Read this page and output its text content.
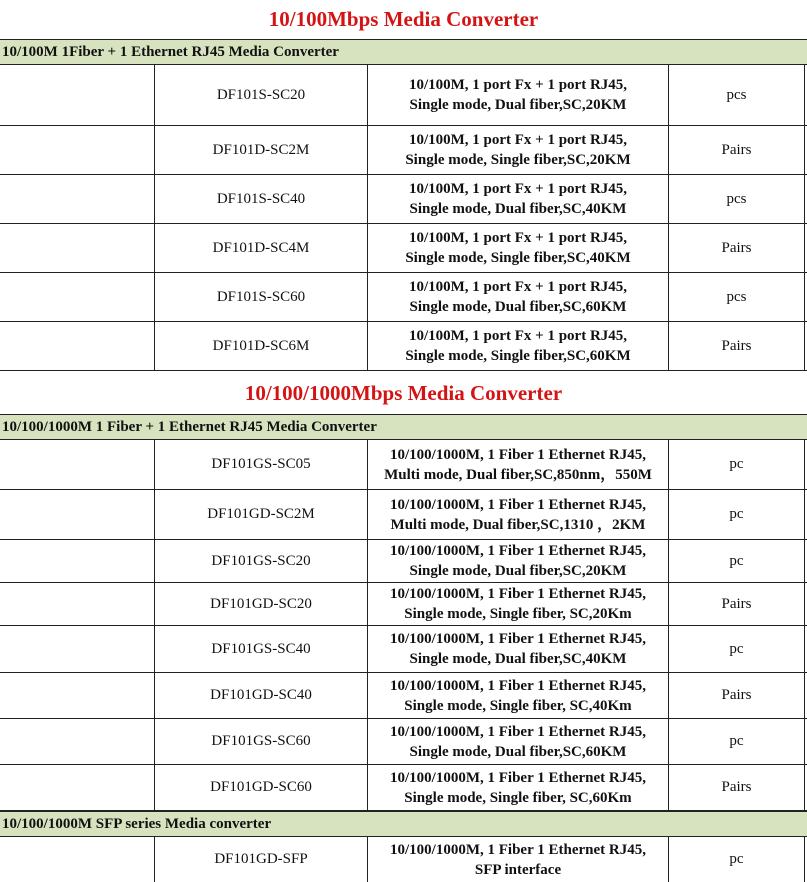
10/100Mbps Media Converter
10/100M 1Fiber + 1 Ethernet RJ45 Media Converter
DF101S-SC20
10/100M, 1 port Fx + 1 port RJ45,
Single mode, Dual fiber,SC,20KM
pcs
DF101D-SC2M
10/100M, 1 port Fx + 1 port RJ45,
Single mode, Single fiber,SC,20KM
Pairs
DF101S-SC40
10/100M, 1 port Fx + 1 port RJ45,
Single mode, Dual fiber,SC,40KM
pcs
DF101D-SC4M
10/100M, 1 port Fx + 1 port RJ45,
Single mode, Single fiber,SC,40KM
Pairs
DF101S-SC60
10/100M, 1 port Fx + 1 port RJ45,
Single mode, Dual fiber,SC,60KM
pcs
DF101D-SC6M
10/100M, 1 port Fx + 1 port RJ45,
Single mode, Single fiber,SC,60KM
Pairs
10/100/1000Mbps Media Converter
10/100/1000M 1 Fiber + 1 Ethernet RJ45 Media Converter
DF101GS-SC05
10/100/1000M, 1 Fiber 1 Ethernet RJ45,
Multi mode, Dual fiber,SC,850nm，550M
pc
DF101GD-SC2M
10/100/1000M, 1 Fiber 1 Ethernet RJ45,
Multi mode, Dual fiber,SC,1310 ，2KM
pc
DF101GS-SC20
10/100/1000M, 1 Fiber 1 Ethernet RJ45,
Single mode, Dual fiber,SC,20KM
pc
DF101GD-SC20
10/100/1000M, 1 Fiber 1 Ethernet RJ45,
Single mode, Single fiber, SC,20Km
Pairs
DF101GS-SC40
10/100/1000M, 1 Fiber 1 Ethernet RJ45,
Single mode, Dual fiber,SC,40KM
pc
DF101GD-SC40
10/100/1000M, 1 Fiber 1 Ethernet RJ45,
Single mode, Single fiber, SC,40Km
Pairs
DF101GS-SC60
10/100/1000M, 1 Fiber 1 Ethernet RJ45,
Single mode, Dual fiber,SC,60KM
pc
DF101GD-SC60
10/100/1000M, 1 Fiber 1 Ethernet RJ45,
Single mode, Single fiber, SC,60Km
Pairs
10/100/1000M SFP series Media converter
DF101GD-SFP
10/100/1000M, 1 Fiber 1 Ethernet RJ45,
SFP interface
pc
